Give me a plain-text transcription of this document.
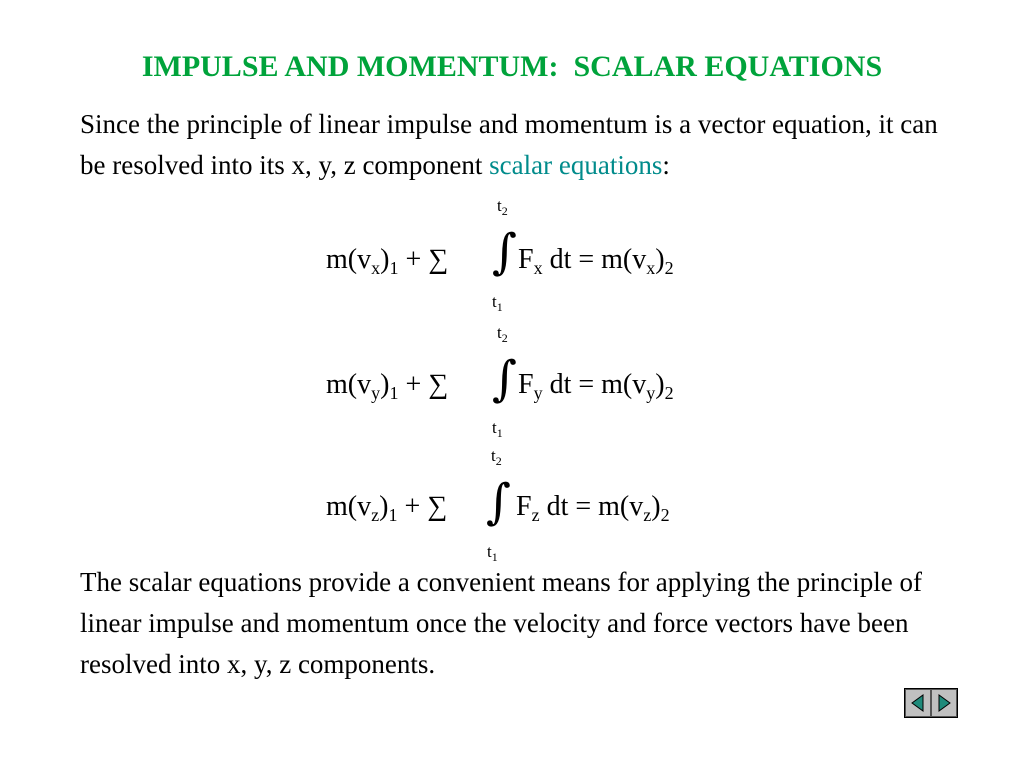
IMPULSE AND MOMENTUM:  SCALAR EQUATIONS
Since the principle of linear impulse and momentum is a vector equation, it can be resolved into its x, y, z component scalar equations:
$t_2$
∫
$t_1$
$m(v_x)_1$ + ∑ $F_x$ dt = $m(v_x)_2$
$t_2$
∫
$t_1$
$m(v_y)_1$ + ∑ $F_y$ dt = $m(v_y)_2$
$t_2$
∫
$t_1$
$m(v_z)_1$ + ∑ $F_z$ dt = $m(v_z)_2$
The scalar equations provide a convenient means for applying the principle of linear impulse and momentum once the velocity and force vectors have been resolved into x, y, z components.
